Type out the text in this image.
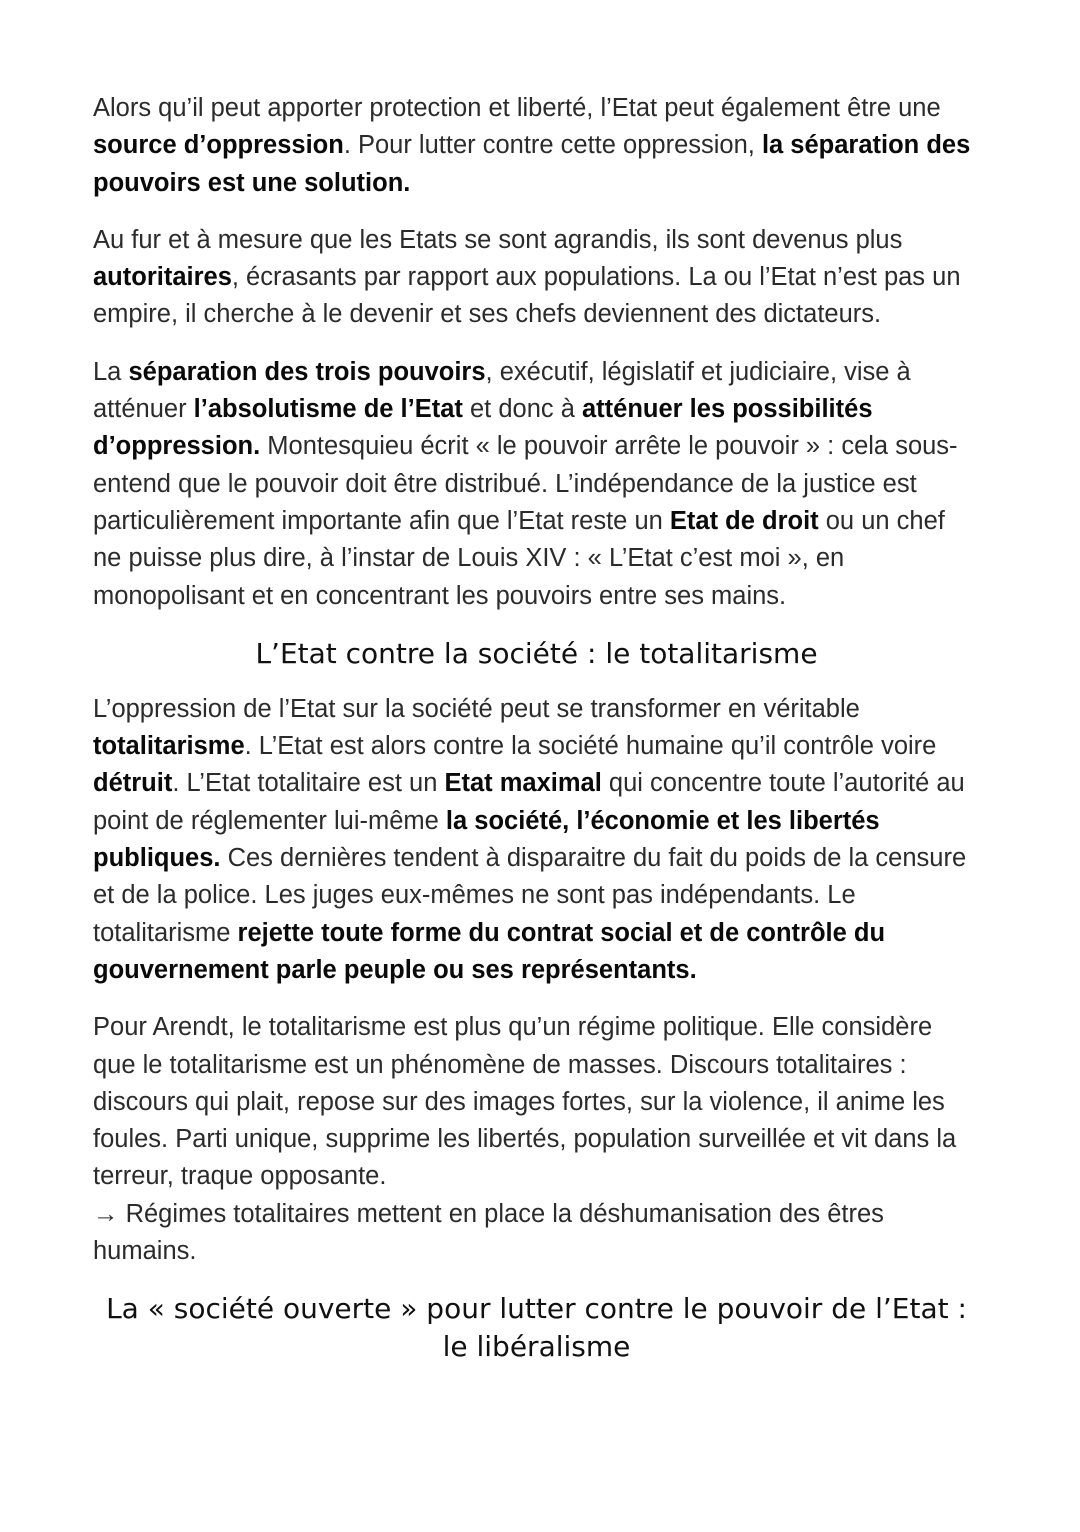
Alors qu’il peut apporter protection et liberté, l’Etat peut également être une source d’oppression. Pour lutter contre cette oppression, la séparation des pouvoirs est une solution.

Au fur et à mesure que les Etats se sont agrandis, ils sont devenus plus autoritaires, écrasants par rapport aux populations. La ou l’Etat n’est pas un empire, il cherche à le devenir et ses chefs deviennent des dictateurs.

La séparation des trois pouvoirs, exécutif, législatif et judiciaire, vise à atténuer l’absolutisme de l’Etat et donc à atténuer les possibilités d’oppression. Montesquieu écrit « le pouvoir arrête le pouvoir » : cela sous-entend que le pouvoir doit être distribué. L’indépendance de la justice est particulièrement importante afin que l’Etat reste un Etat de droit ou un chef ne puisse plus dire, à l’instar de Louis XIV : « L’Etat c’est moi », en monopolisant et en concentrant les pouvoirs entre ses mains.

L’Etat contre la société : le totalitarisme

L’oppression de l’Etat sur la société peut se transformer en véritable totalitarisme. L’Etat est alors contre la société humaine qu’il contrôle voire détruit. L’Etat totalitaire est un Etat maximal qui concentre toute l’autorité au point de réglementer lui-même la société, l’économie et les libertés publiques. Ces dernières tendent à disparaitre du fait du poids de la censure et de la police. Les juges eux-mêmes ne sont pas indépendants. Le totalitarisme rejette toute forme du contrat social et de contrôle du gouvernement parle peuple ou ses représentants.

Pour Arendt, le totalitarisme est plus qu’un régime politique. Elle considère que le totalitarisme est un phénomène de masses. Discours totalitaires : discours qui plait, repose sur des images fortes, sur la violence, il anime les foules. Parti unique, supprime les libertés, population surveillée et vit dans la terreur, traque opposante.
→ Régimes totalitaires mettent en place la déshumanisation des êtres humains.

La « société ouverte » pour lutter contre le pouvoir de l’Etat :
le libéralisme
